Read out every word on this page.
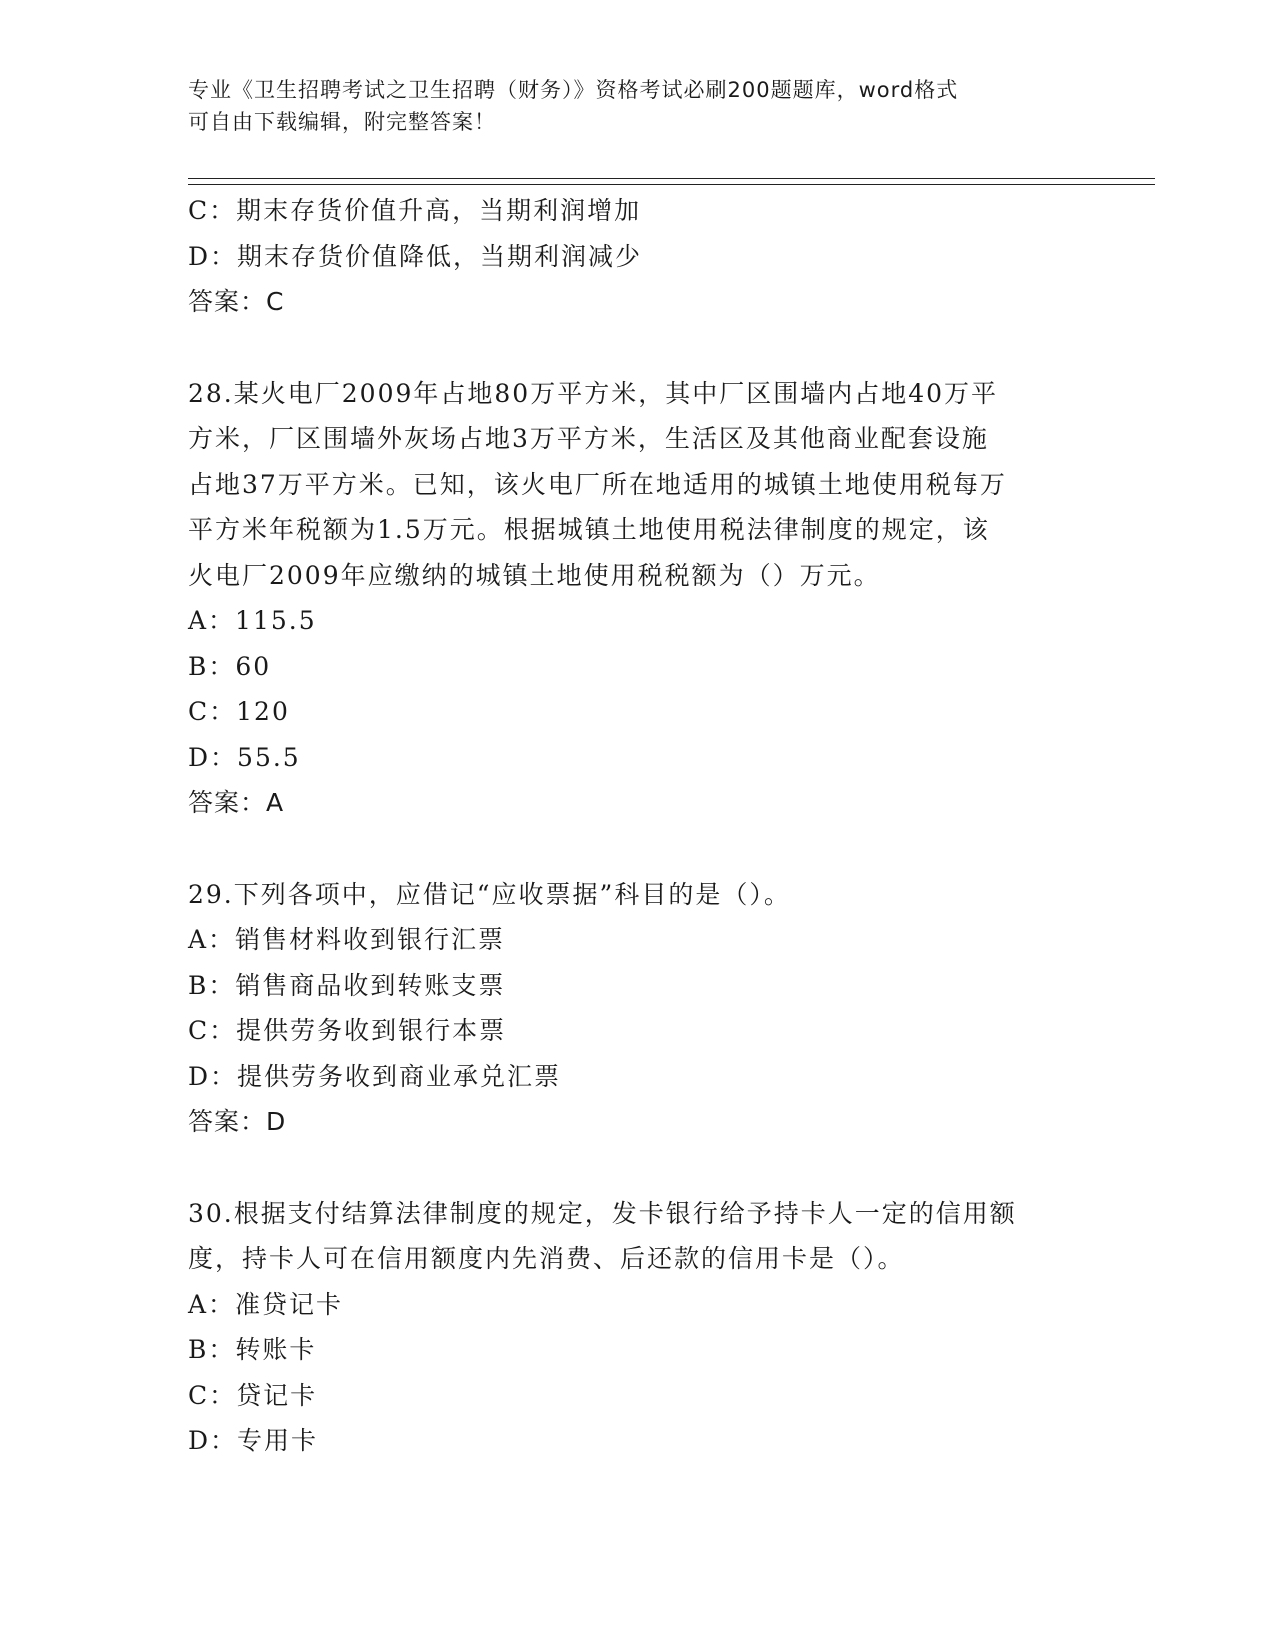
专业《卫生招聘考试之卫生招聘（财务）》资格考试必刷200题题库，word格式
可自由下载编辑，附完整答案！
C：期末存货价值升高，当期利润增加
D：期末存货价值降低，当期利润减少
答案：C
28.某火电厂2009年占地80万平方米，其中厂区围墙内占地40万平
方米，厂区围墙外灰场占地3万平方米，生活区及其他商业配套设施
占地37万平方米。已知，该火电厂所在地适用的城镇土地使用税每万
平方米年税额为1.5万元。根据城镇土地使用税法律制度的规定，该
火电厂2009年应缴纳的城镇土地使用税税额为（）万元。
A：115.5
B：60
C：120
D：55.5
答案：A
29.下列各项中，应借记“应收票据”科目的是（）。
A：销售材料收到银行汇票
B：销售商品收到转账支票
C：提供劳务收到银行本票
D：提供劳务收到商业承兑汇票
答案：D
30.根据支付结算法律制度的规定，发卡银行给予持卡人一定的信用额
度，持卡人可在信用额度内先消费、后还款的信用卡是（）。
A：准贷记卡
B：转账卡
C：贷记卡
D：专用卡
